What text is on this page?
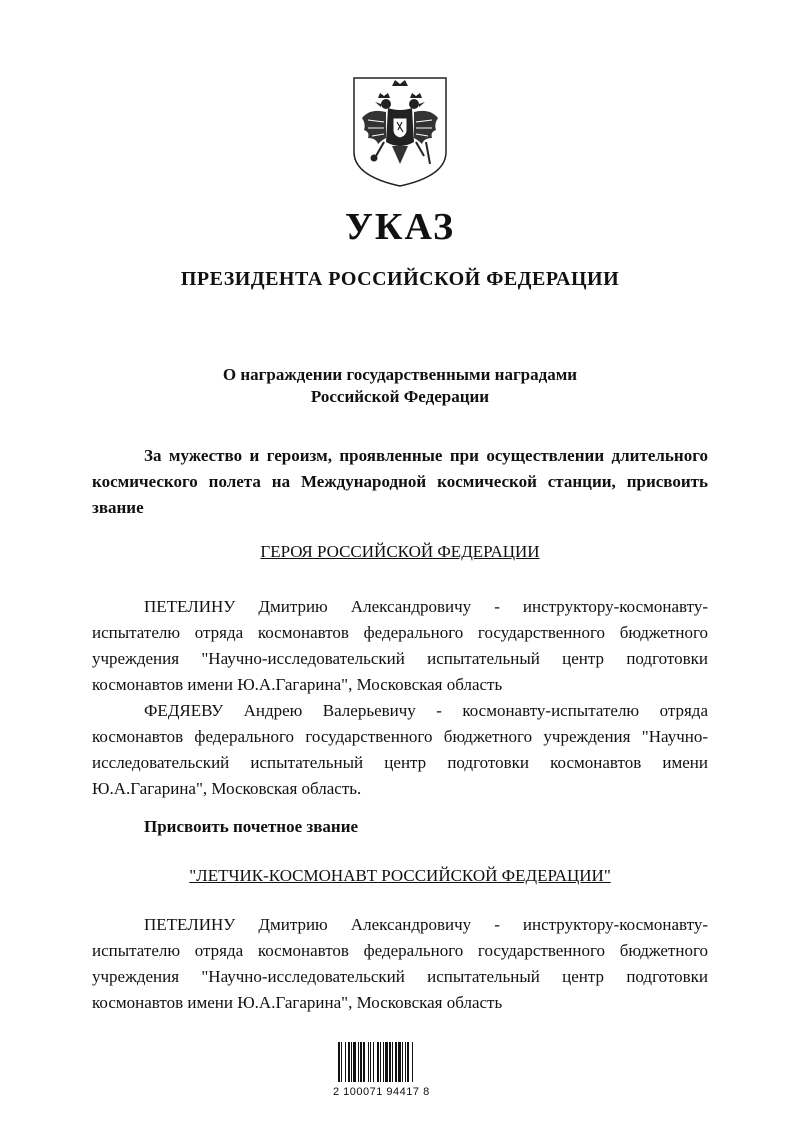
УКАЗ
ПРЕЗИДЕНТА РОССИЙСКОЙ ФЕДЕРАЦИИ
О награждении государственными наградами
Российской Федерации
За мужество и героизм, проявленные при осуществлении длительного космического полета на Международной космической станции, присвоить звание
ГЕРОЯ РОССИЙСКОЙ ФЕДЕРАЦИИ

ПЕТЕЛИНУ Дмитрию Александровичу - инструктору-космонавту-испытателю отряда космонавтов федерального государственного бюджетного учреждения "Научно-исследовательский испытательный центр подготовки космонавтов имени Ю.А.Гагарина", Московская область

ФЕДЯЕВУ Андрею Валерьевичу - космонавту-испытателю отряда космонавтов федерального государственного бюджетного учреждения "Научно-исследовательский испытательный центр подготовки космонавтов имени Ю.А.Гагарина", Московская область.

Присвоить почетное звание
"ЛЕТЧИК-КОСМОНАВТ РОССИЙСКОЙ ФЕДЕРАЦИИ"

ПЕТЕЛИНУ Дмитрию Александровичу - инструктору-космонавту-испытателю отряда космонавтов федерального государственного бюджетного учреждения "Научно-исследовательский испытательный центр подготовки космонавтов имени Ю.А.Гагарина", Московская область

2 100071 94417 8
